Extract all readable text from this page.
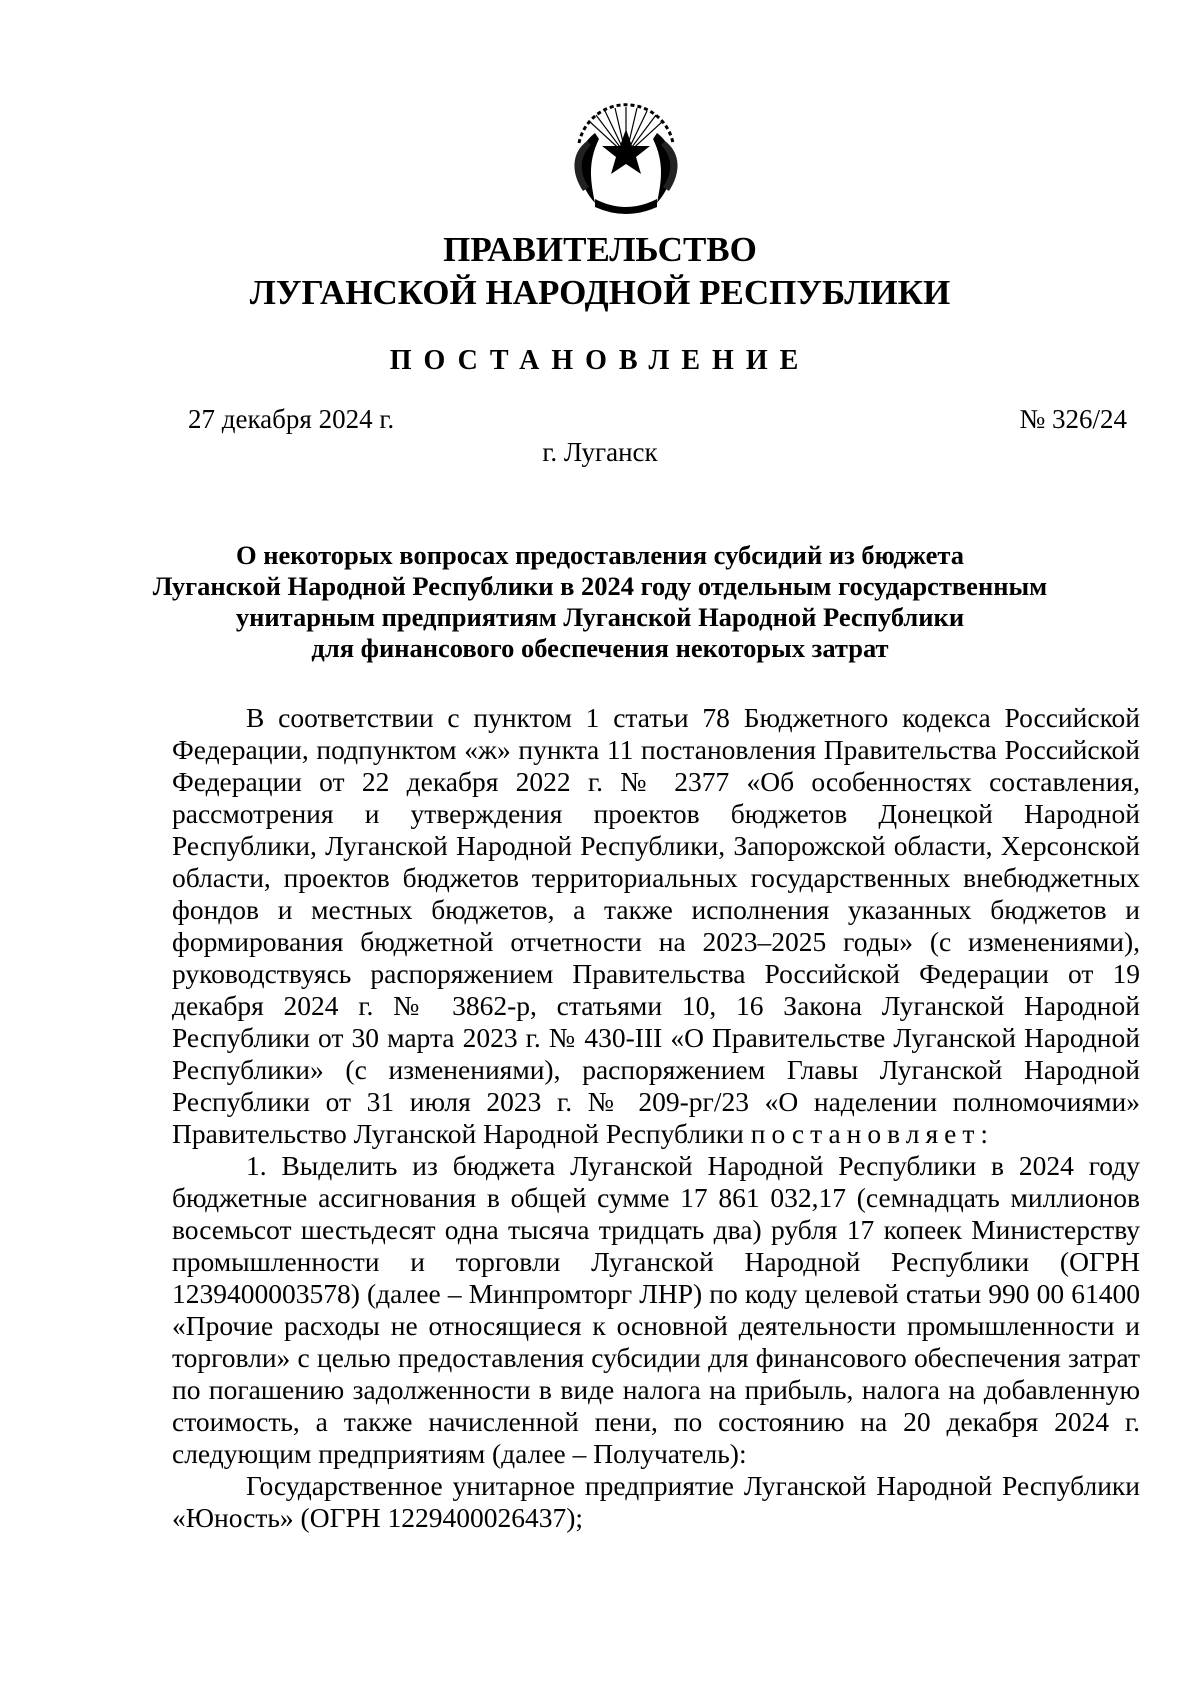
ПРАВИТЕЛЬСТВО
ЛУГАНСКОЙ НАРОДНОЙ РЕСПУБЛИКИ
ПОСТАНОВЛЕНИЕ
27 декабря 2024 г.	№ 326/24
г. Луганск
О некоторых вопросах предоставления субсидий из бюджета
Луганской Народной Республики в 2024 году отдельным государственным
унитарным предприятиям Луганской Народной Республики
для финансового обеспечения некоторых затрат

В соответствии с пунктом 1 статьи 78 Бюджетного кодекса Российской Федерации, подпунктом «ж» пункта 11 постановления Правительства Российской Федерации от 22 декабря 2022 г. № 2377 «Об особенностях составления, рассмотрения и утверждения проектов бюджетов Донецкой Народной Республики, Луганской Народной Республики, Запорожской области, Херсонской области, проектов бюджетов территориальных государственных внебюджетных фондов и местных бюджетов, а также исполнения указанных бюджетов и формирования бюджетной отчетности на 2023–2025 годы» (с изменениями), руководствуясь распоряжением Правительства Российской Федерации от 19 декабря 2024 г. № 3862-р, статьями 10, 16 Закона Луганской Народной Республики от 30 марта 2023 г. № 430-III «О Правительстве Луганской Народной Республики» (с изменениями), распоряжением Главы Луганской Народной Республики от 31 июля 2023 г. № 209-рг/23 «О наделении полномочиями» Правительство Луганской Народной Республики постановляет:

1. Выделить из бюджета Луганской Народной Республики в 2024 году бюджетные ассигнования в общей сумме 17 861 032,17 (семнадцать миллионов восемьсот шестьдесят одна тысяча тридцать два) рубля 17 копеек Министерству промышленности и торговли Луганской Народной Республики (ОГРН 1239400003578) (далее – Минпромторг ЛНР) по коду целевой статьи 990 00 61400 «Прочие расходы не относящиеся к основной деятельности промышленности и торговли» с целью предоставления субсидии для финансового обеспечения затрат по погашению задолженности в виде налога на прибыль, налога на добавленную стоимость, а также начисленной пени, по состоянию на 20 декабря 2024 г. следующим предприятиям (далее – Получатель):

Государственное унитарное предприятие Луганской Народной Республики «Юность» (ОГРН 1229400026437);
